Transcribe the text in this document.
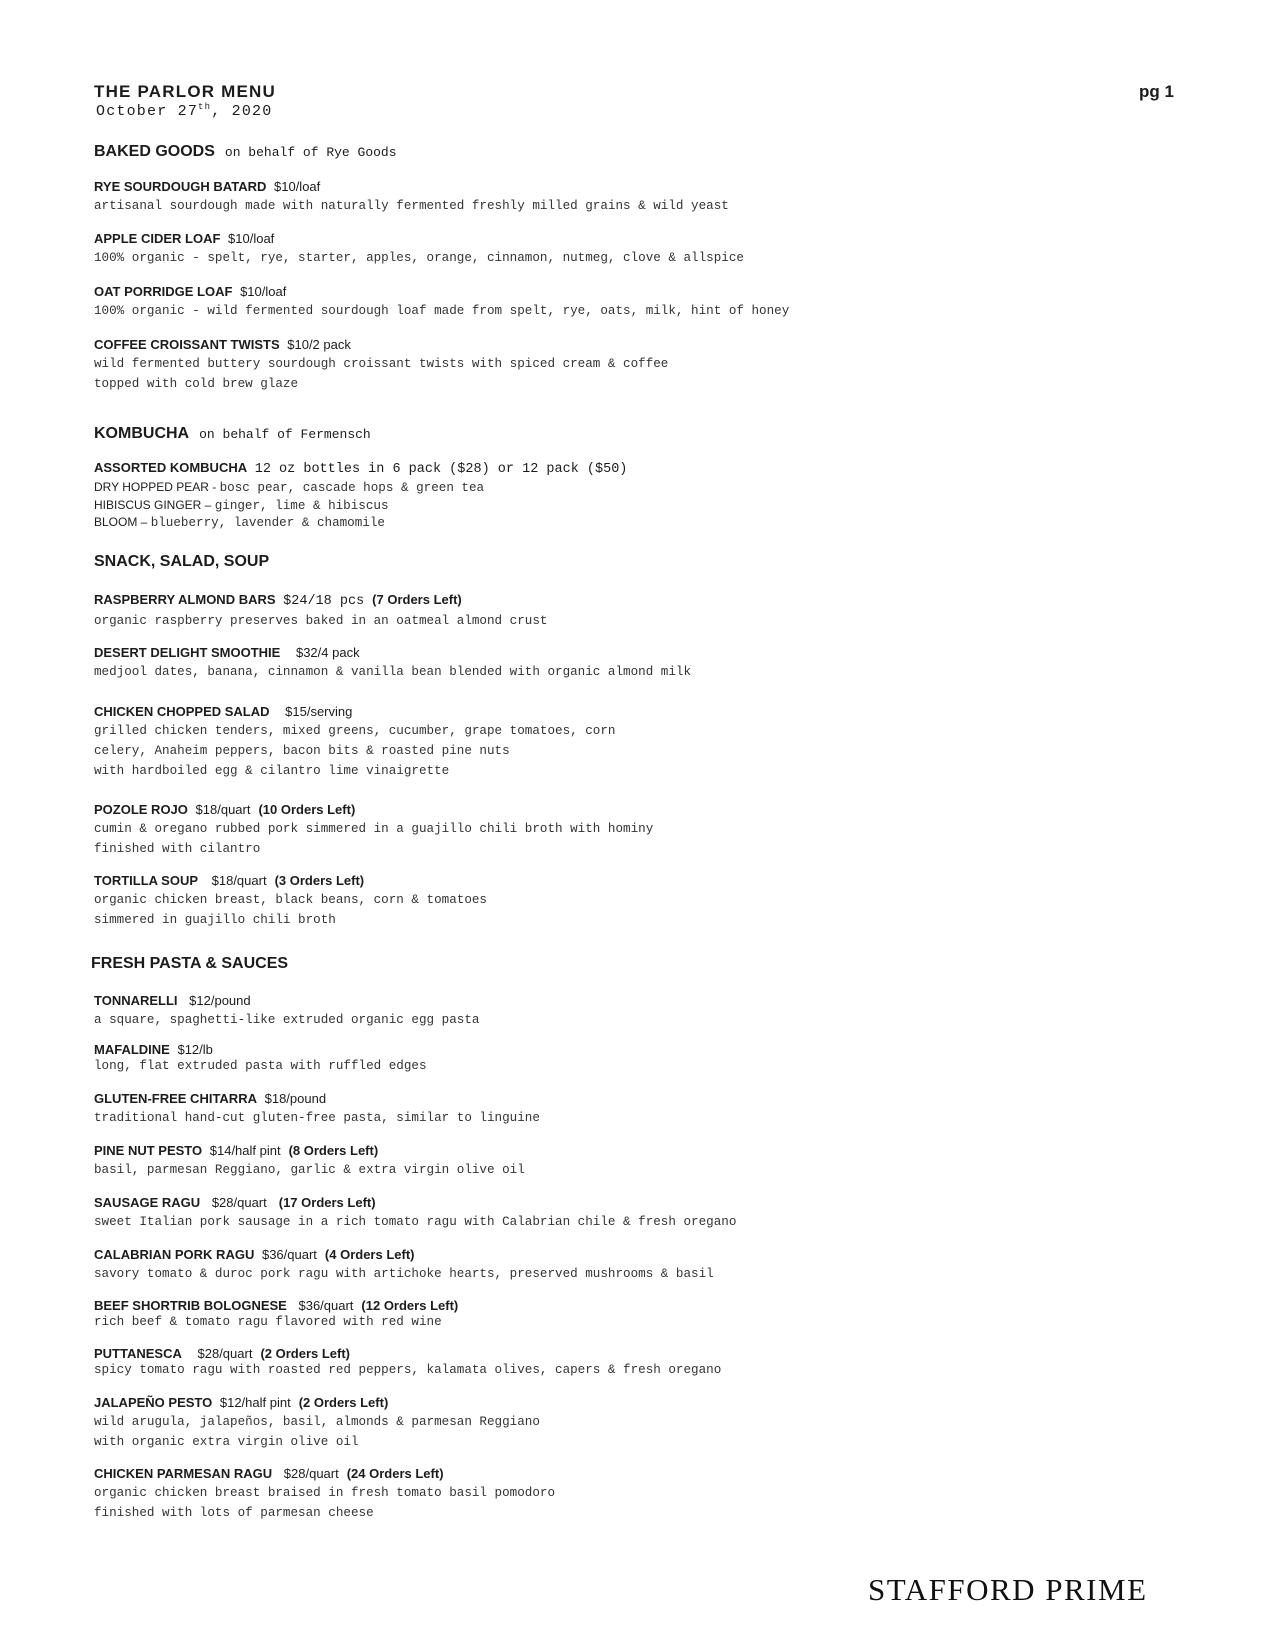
THE PARLOR MENU
October 27th, 2020
pg 1
BAKED GOODS on behalf of Rye Goods
RYE SOURDOUGH BATARD $10/loaf
artisanal sourdough made with naturally fermented freshly milled grains & wild yeast
APPLE CIDER LOAF $10/loaf
100% organic - spelt, rye, starter, apples, orange, cinnamon, nutmeg, clove & allspice
OAT PORRIDGE LOAF $10/loaf
100% organic - wild fermented sourdough loaf made from spelt, rye, oats, milk, hint of honey
COFFEE CROISSANT TWISTS $10/2 pack
wild fermented buttery sourdough croissant twists with spiced cream & coffee
topped with cold brew glaze
KOMBUCHA on behalf of Fermensch
ASSORTED KOMBUCHA 12 oz bottles in 6 pack ($28) or 12 pack ($50)
DRY HOPPED PEAR - bosc pear, cascade hops & green tea
HIBISCUS GINGER – ginger, lime & hibiscus
BLOOM – blueberry, lavender & chamomile
SNACK, SALAD, SOUP
RASPBERRY ALMOND BARS $24/18 pcs (7 Orders Left)
organic raspberry preserves baked in an oatmeal almond crust
DESERT DELIGHT SMOOTHIE $32/4 pack
medjool dates, banana, cinnamon & vanilla bean blended with organic almond milk
CHICKEN CHOPPED SALAD $15/serving
grilled chicken tenders, mixed greens, cucumber, grape tomatoes, corn
celery, Anaheim peppers, bacon bits & roasted pine nuts
with hardboiled egg & cilantro lime vinaigrette
POZOLE ROJO $18/quart (10 Orders Left)
cumin & oregano rubbed pork simmered in a guajillo chili broth with hominy
finished with cilantro
TORTILLA SOUP $18/quart (3 Orders Left)
organic chicken breast, black beans, corn & tomatoes
simmered in guajillo chili broth
FRESH PASTA & SAUCES
TONNARELLI $12/pound
a square, spaghetti-like extruded organic egg pasta
MAFALDINE $12/lb
long, flat extruded pasta with ruffled edges
GLUTEN-FREE CHITARRA $18/pound
traditional hand-cut gluten-free pasta, similar to linguine
PINE NUT PESTO $14/half pint (8 Orders Left)
basil, parmesan Reggiano, garlic & extra virgin olive oil
SAUSAGE RAGU $28/quart (17 Orders Left)
sweet Italian pork sausage in a rich tomato ragu with Calabrian chile & fresh oregano
CALABRIAN PORK RAGU $36/quart (4 Orders Left)
savory tomato & duroc pork ragu with artichoke hearts, preserved mushrooms & basil
BEEF SHORTRIB BOLOGNESE $36/quart (12 Orders Left)
rich beef & tomato ragu flavored with red wine
PUTTANESCA $28/quart (2 Orders Left)
spicy tomato ragu with roasted red peppers, kalamata olives, capers & fresh oregano
JALAPEÑO PESTO $12/half pint (2 Orders Left)
wild arugula, jalapeños, basil, almonds & parmesan Reggiano
with organic extra virgin olive oil
CHICKEN PARMESAN RAGU $28/quart (24 Orders Left)
organic chicken breast braised in fresh tomato basil pomodoro
finished with lots of parmesan cheese
STAFFORD PRIME
